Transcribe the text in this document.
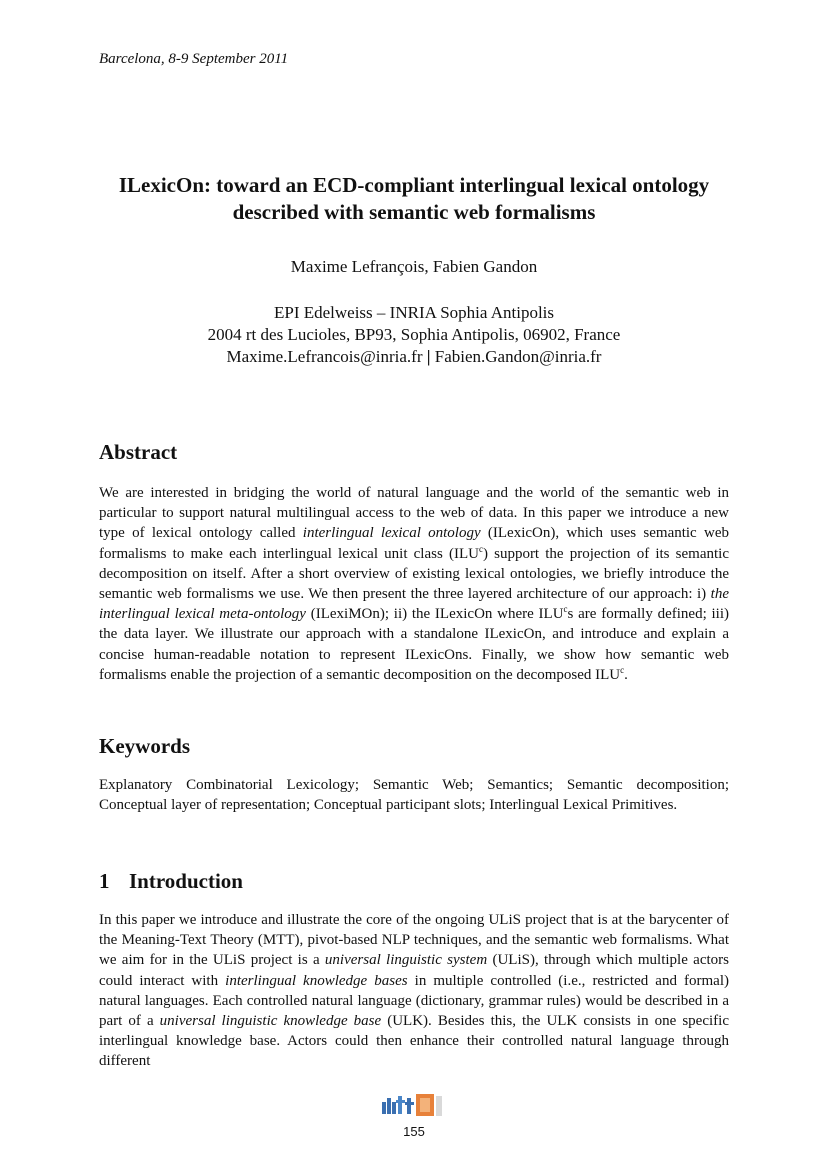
Barcelona, 8-9 September 2011
ILexicOn: toward an ECD-compliant interlingual lexical ontology
described with semantic web formalisms
Maxime Lefrançois, Fabien Gandon
EPI Edelweiss – INRIA Sophia Antipolis
2004 rt des Lucioles, BP93, Sophia Antipolis, 06902, France
Maxime.Lefrancois@inria.fr | Fabien.Gandon@inria.fr
Abstract

We are interested in bridging the world of natural language and the world of the semantic web in particular to support natural multilingual access to the web of data. In this paper we introduce a new type of lexical ontology called interlingual lexical ontology (ILexicOn), which uses semantic web formalisms to make each interlingual lexical unit class (ILU$^c$) support the projection of its semantic decomposition on itself. After a short overview of existing lexical ontologies, we briefly introduce the semantic web formalisms we use. We then present the three layered architecture of our approach: i) the interlingual lexical meta-ontology (ILexiMOn); ii) the ILexicOn where ILU$^c$s are formally defined; iii) the data layer. We illustrate our approach with a standalone ILexicOn, and introduce and explain a concise human-readable notation to represent ILexicOns. Finally, we show how semantic web formalisms enable the projection of a semantic decomposition on the decomposed ILU$^c$.

Keywords

Explanatory Combinatorial Lexicology; Semantic Web; Semantics; Semantic decomposition; Conceptual layer of representation; Conceptual participant slots; Interlingual Lexical Primitives.

1 Introduction

In this paper we introduce and illustrate the core of the ongoing ULiS project that is at the barycenter of the Meaning-Text Theory (MTT), pivot-based NLP techniques, and the semantic web formalisms. What we aim for in the ULiS project is a universal linguistic system (ULiS), through which multiple actors could interact with interlingual knowledge bases in multiple controlled (i.e., restricted and formal) natural languages. Each controlled natural language (dictionary, grammar rules) would be described in a part of a universal linguistic knowledge base (ULK). Besides this, the ULK consists in one specific interlingual knowledge base. Actors could then enhance their controlled natural language through different

155
